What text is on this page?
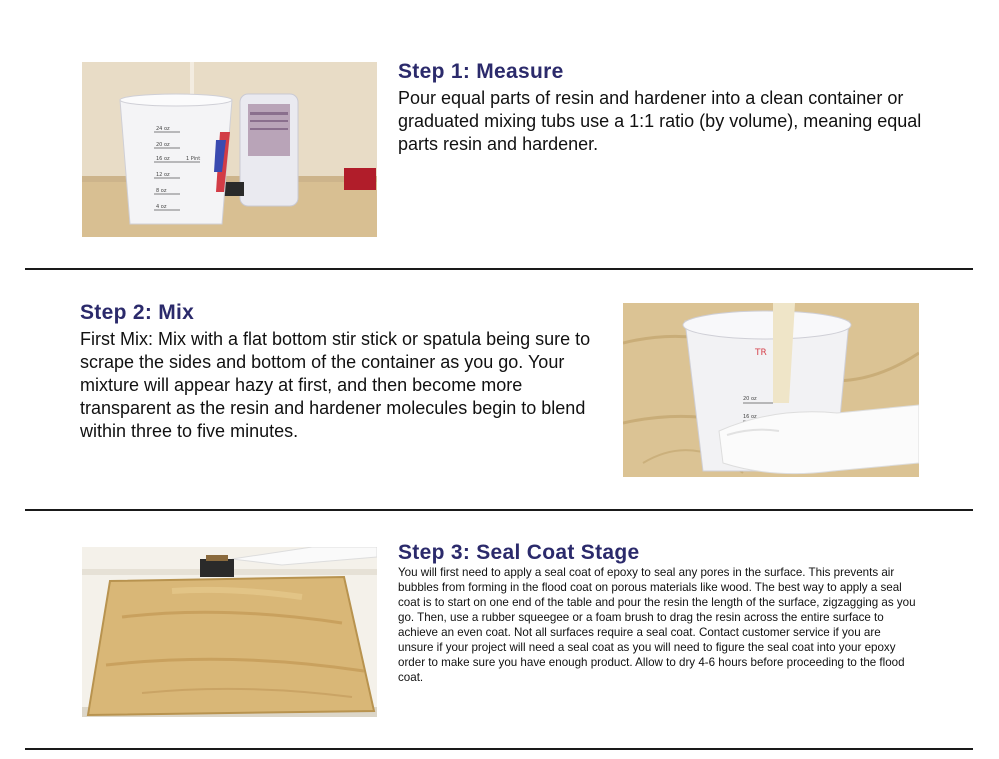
24 oz
20 oz
16 oz	1 Pint
12 oz
8 oz
4 oz
Step 1: Measure

Pour equal parts of resin and hardener into a clean container or graduated mixing tubs use a 1:1 ratio (by volume), meaning equal parts resin and hardener.

Step 2: Mix

First Mix: Mix with a flat bottom stir stick or spatula being sure to scrape the sides and bottom of the container as you go. Your mixture will appear hazy at first, and then become more transparent as the resin and hardener molecules begin to blend within three to five minutes.

TR
20 oz
16 oz
Step 3: Seal Coat Stage

You will first need to apply a seal coat of epoxy to seal any pores in the surface. This prevents air bubbles from forming in the flood coat on porous materials like wood. The best way to apply a seal coat is to start on one end of the table and pour the resin the length of the surface, zigzagging as you go. Then, use a rubber squeegee or a foam brush to drag the resin across the entire surface to achieve an even coat. Not all surfaces require a seal coat. Contact customer service if you are unsure if your project will need a seal coat as you will need to figure the seal coat into your epoxy order to make sure you have enough product. Allow to dry 4-6 hours before proceeding to the flood coat.
